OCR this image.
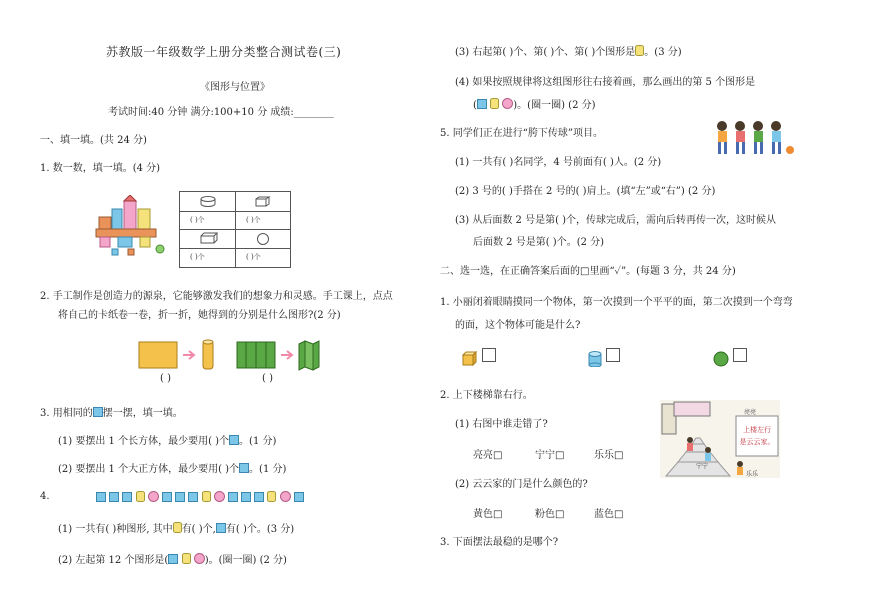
苏教版一年级数学上册分类整合测试卷(三)
《图形与位置》
考试时间:40 分钟 满分:100+10 分 成绩:________
一、填一填。(共 24 分)
1. 数一数，填一填。(4 分)
( )个	( )个
( )个	( )个
2. 手工制作是创造力的源泉，它能够激发我们的想象力和灵感。手工课上，点点
将自己的卡纸卷一卷，折一折，她得到的分别是什么图形?(2 分)
( )	( )
3. 用相同的 摆一摆，填一填。
(1) 要摆出 1 个长方体，最少要用( )个 。(1 分)
(2) 要摆出 1 个大正方体，最少要用( )个 。(1 分)
4.

(1) 一共有( )种图形, 其中 有( )个, 有( )个。(3 分)
(2) 左起第 12 个图形是(	)。(圈一圈) (2 分)
(3) 右起第( )个、第( )个、第( )个图形是 。(3 分)
(4) 如果按照规律将这组图形往右接着画，那么画出的第 5 个图形是
(	)。(圈一圈) (2 分)
5. 同学们正在进行“胯下传球”项目。
(1) 一共有( )名同学，4 号前面有( )人。(2 分)
(2) 3 号的( )手搭在 2 号的( )肩上。(填“左”或“右”) (2 分)
(3) 从后面数 2 号是第( )个，传球完成后，需向后转再传一次，这时候从
后面数 2 号是第( )个。(2 分)
二、选一选，在正确答案后面的□里画“✓”。(每题 3 分，共 24 分)
1. 小丽闭着眼睛摸同一个物体，第一次摸到一个平平的面，第二次摸到一个弯弯
的面，这个物体可能是什么?
2. 上下楼梯靠右行。
(1) 右图中谁走错了?
亮亮□	宁宁□	乐乐□
(2) 云云家的门是什么颜色的?
黄色□	粉色□	蓝色□
3. 下面摆法最稳的是哪个?
上楼左行
是云云家。
亮亮
宁宁
乐乐
